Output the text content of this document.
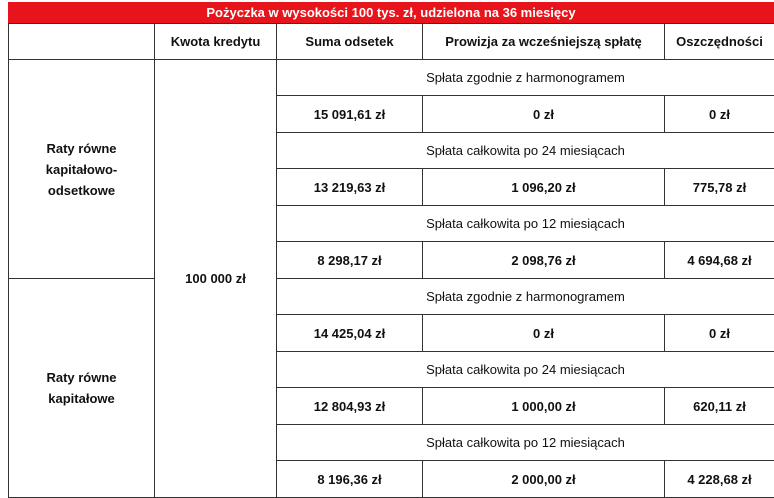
Pożyczka w wysokości 100 tys. zł, udzielona na 36 miesięcy
	Kwota kredytu	Suma odsetek	Prowizja za wcześniejszą spłatę	Oszczędności
Raty równe
kapitałowo-
odsetkowe	100 000 zł	Spłata zgodnie z harmonogramem		
		15 091,61 zł	0 zł	0 zł
		Spłata całkowita po 24 miesiącach		
		13 219,63 zł	1 096,20 zł	775,78 zł
		Spłata całkowita po 12 miesiącach		
		8 298,17 zł	2 098,76 zł	4 694,68 zł
Raty równe
kapitałowe		Spłata zgodnie z harmonogramem		
		14 425,04 zł	0 zł	0 zł
		Spłata całkowita po 24 miesiącach		
		12 804,93 zł	1 000,00 zł	620,11 zł
		Spłata całkowita po 12 miesiącach		
		8 196,36 zł	2 000,00 zł	4 228,68 zł
